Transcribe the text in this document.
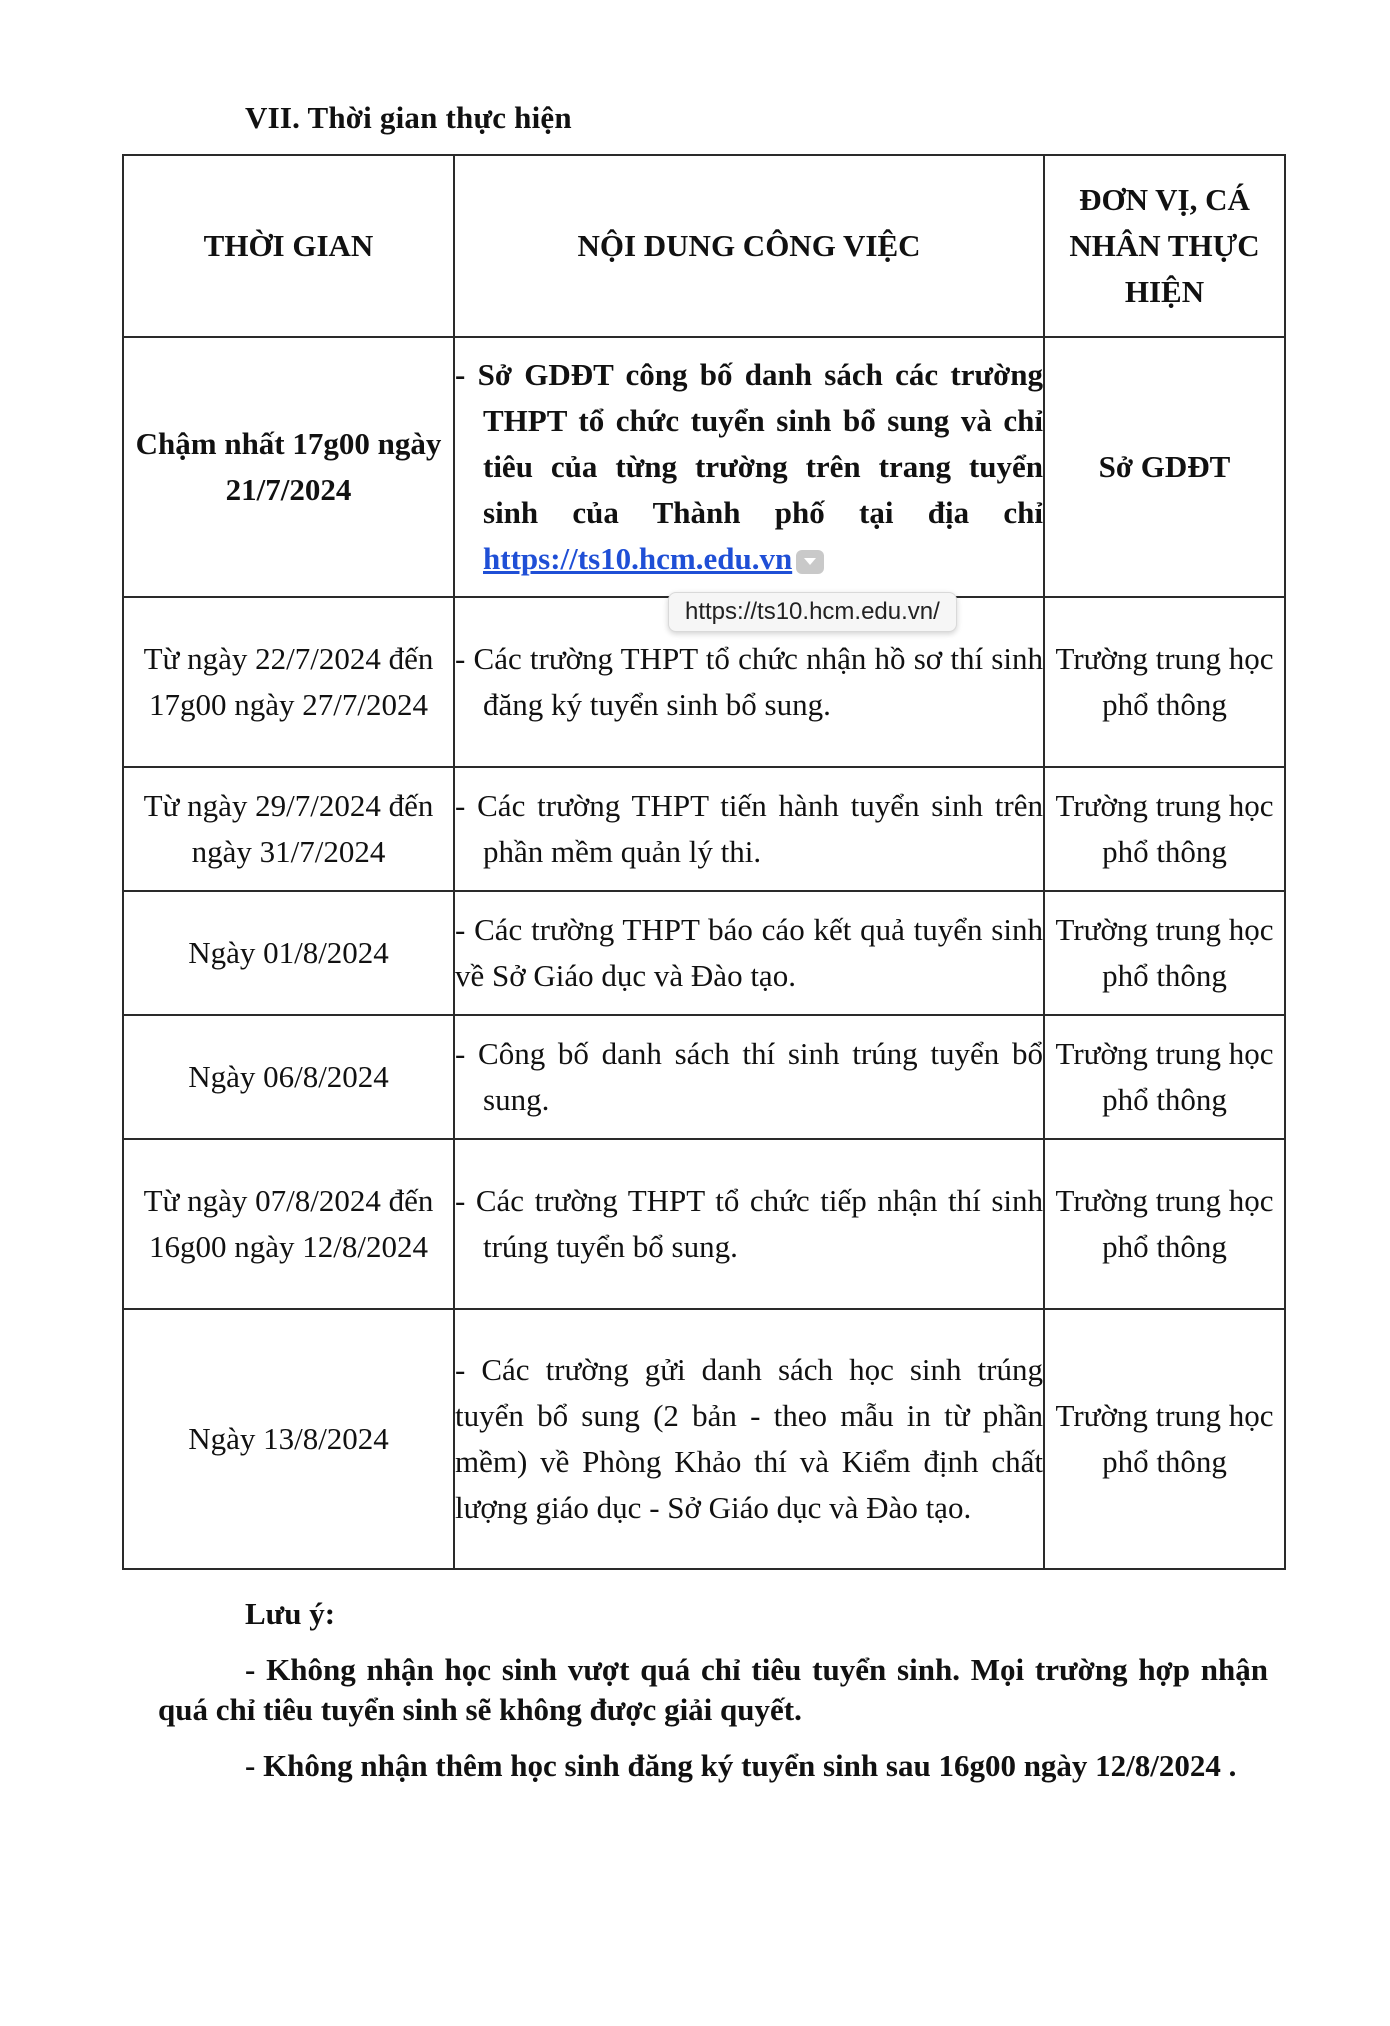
VII. Thời gian thực hiện
THỜI GIAN	NỘI DUNG CÔNG VIỆC	ĐƠN VỊ, CÁ NHÂN THỰC HIỆN
Chậm nhất 17g00 ngày 21/7/2024	- Sở GDĐT công bố danh sách các trường THPT tổ chức tuyển sinh bổ sung và chỉ tiêu của từng trường trên trang tuyển sinh của Thành phố tại địa chỉ https://ts10.hcm.edu.vn	Sở GDĐT
Từ ngày 22/7/2024 đến 17g00 ngày 27/7/2024	- Các trường THPT tổ chức nhận hồ sơ thí sinh đăng ký tuyển sinh bổ sung.	Trường trung học phổ thông
Từ ngày 29/7/2024 đến ngày 31/7/2024	- Các trường THPT tiến hành tuyển sinh trên phần mềm quản lý thi.	Trường trung học phổ thông
Ngày 01/8/2024	- Các trường THPT báo cáo kết quả tuyển sinh về Sở Giáo dục và Đào tạo.	Trường trung học phổ thông
Ngày 06/8/2024	- Công bố danh sách thí sinh trúng tuyển bổ sung.	Trường trung học phổ thông
Từ ngày 07/8/2024 đến 16g00 ngày 12/8/2024	- Các trường THPT tổ chức tiếp nhận thí sinh trúng tuyển bổ sung.	Trường trung học phổ thông
Ngày 13/8/2024	- Các trường gửi danh sách học sinh trúng tuyển bổ sung (2 bản - theo mẫu in từ phần mềm) về Phòng Khảo thí và Kiểm định chất lượng giáo dục - Sở Giáo dục và Đào tạo.	Trường trung học phổ thông
https://ts10.hcm.edu.vn/
Lưu ý:
- Không nhận học sinh vượt quá chỉ tiêu tuyển sinh. Mọi trường hợp nhận quá chỉ tiêu tuyển sinh sẽ không được giải quyết.
- Không nhận thêm học sinh đăng ký tuyển sinh sau 16g00 ngày 12/8/2024 .
